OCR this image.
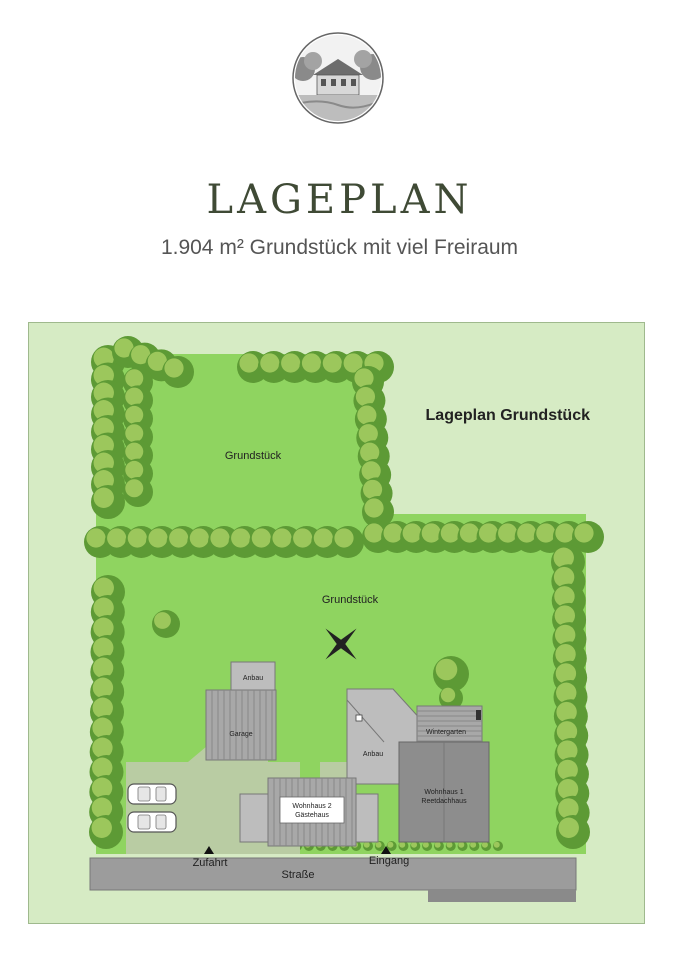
LAGEPLAN
1.904 m² Grundstück mit viel Freiraum
Lageplan Grundstück
Grundstück
Grundstück
Anbau
Garage
Anbau
Wintergarten
Wohnhaus 1
Reetdachhaus
Wohnhaus 2
Gästehaus
Zufahrt	Eingang
Straße
